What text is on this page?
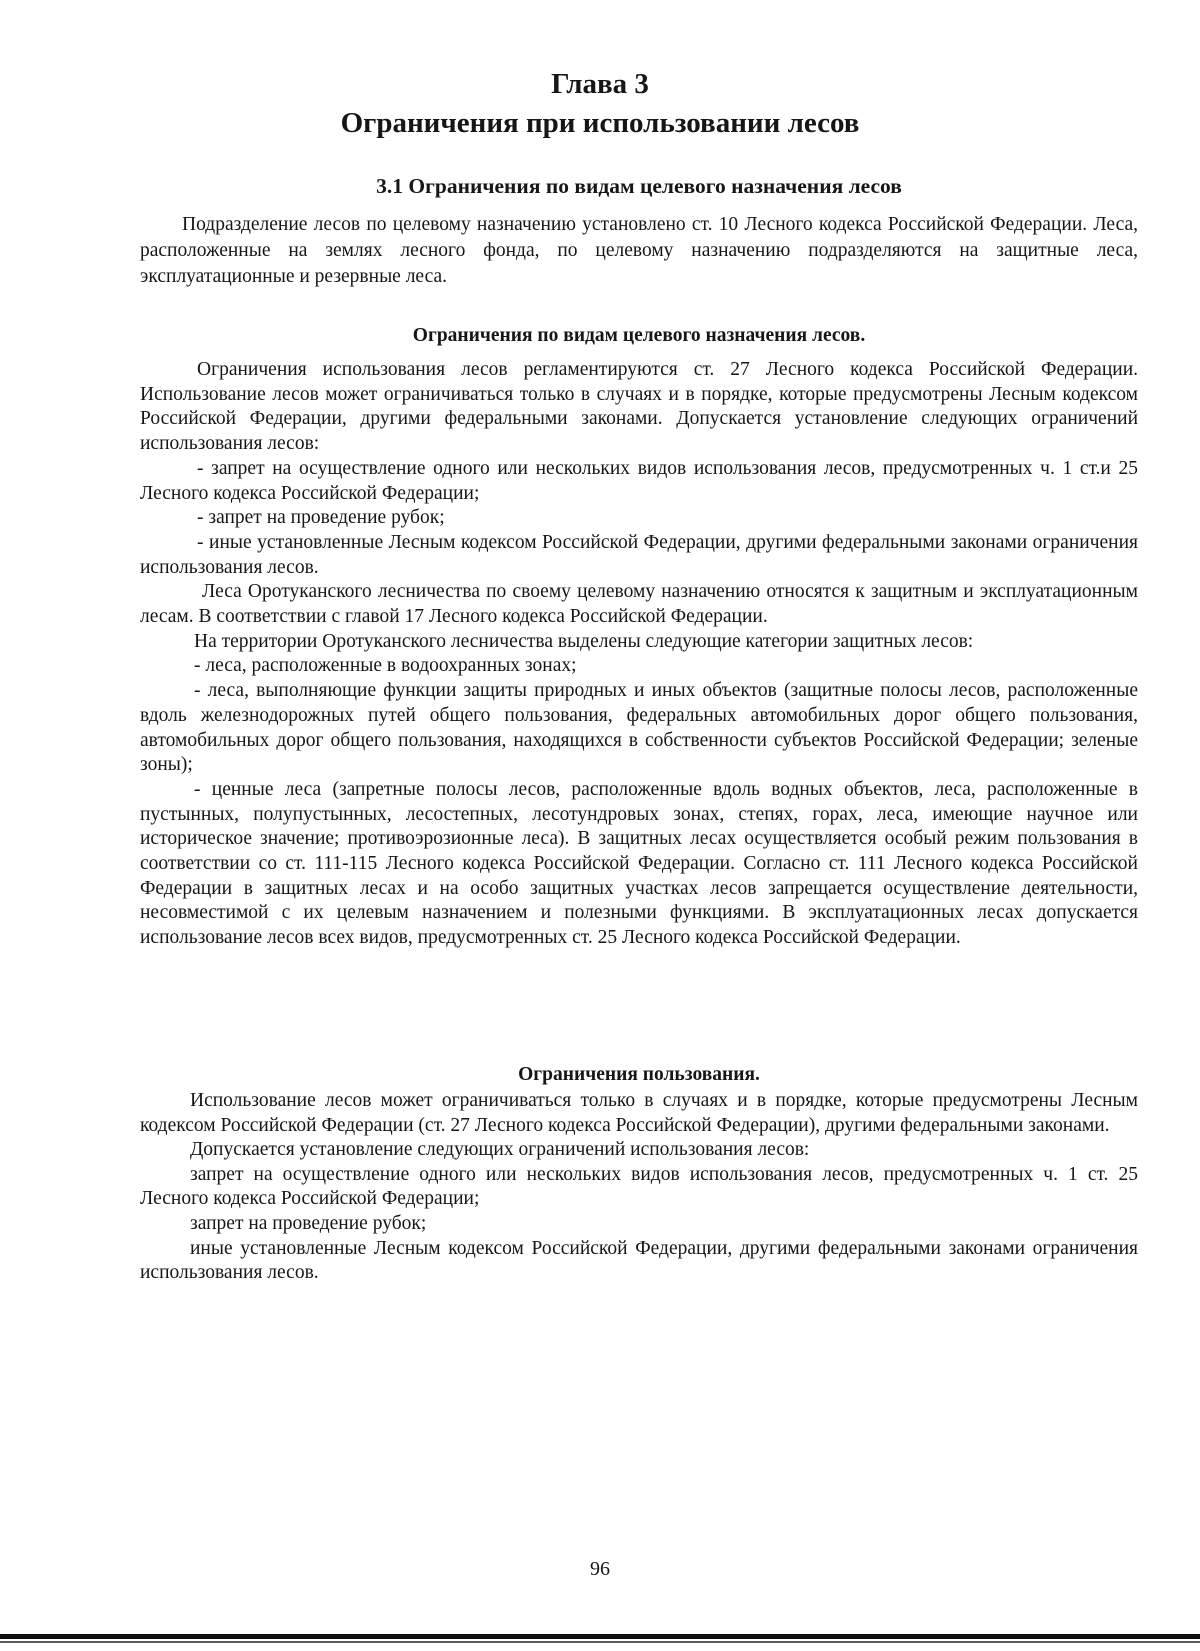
Глава 3
Ограничения при использовании лесов
3.1 Ограничения по видам целевого назначения лесов

Подразделение лесов по целевому назначению установлено ст. 10 Лесного кодекса Российской Федерации. Леса, расположенные на землях лесного фонда, по целевому назначению подразделяются на защитные леса, эксплуатационные и резервные леса.

Ограничения по видам целевого назначения лесов.

Ограничения использования лесов регламентируются ст. 27 Лесного кодекса Российской Федерации. Использование лесов может ограничиваться только в случаях и в порядке, которые предусмотрены Лесным кодексом Российской Федерации, другими федеральными законами. Допускается установление следующих ограничений использования лесов:

- запрет на осуществление одного или нескольких видов использования лесов, предусмотренных ч. 1 ст.и 25 Лесного кодекса Российской Федерации;

- запрет на проведение рубок;

- иные установленные Лесным кодексом Российской Федерации, другими федеральными законами ограничения использования лесов.

Леса Оротуканского лесничества по своему целевому назначению относятся к защитным и эксплуатационным лесам. В соответствии с главой 17 Лесного кодекса Российской Федерации.

На территории Оротуканского лесничества выделены следующие категории защитных лесов:

- леса, расположенные в водоохранных зонах;

- леса, выполняющие функции защиты природных и иных объектов (защитные полосы лесов, расположенные вдоль железнодорожных путей общего пользования, федеральных автомобильных дорог общего пользования, автомобильных дорог общего пользования, находящихся в собственности субъектов Российской Федерации; зеленые зоны);

- ценные леса (запретные полосы лесов, расположенные вдоль водных объектов, леса, расположенные в пустынных, полупустынных, лесостепных, лесотундровых зонах, степях, горах, леса, имеющие научное или историческое значение; противоэрозионные леса). В защитных лесах осуществляется особый режим пользования в соответствии со ст. 111-115 Лесного кодекса Российской Федерации. Согласно ст. 111 Лесного кодекса Российской Федерации в защитных лесах и на особо защитных участках лесов запрещается осуществление деятельности, несовместимой с их целевым назначением и полезными функциями. В эксплуатационных лесах допускается использование лесов всех видов, предусмотренных ст. 25 Лесного кодекса Российской Федерации.

Ограничения пользования.

Использование лесов может ограничиваться только в случаях и в порядке, которые предусмотрены Лесным кодексом Российской Федерации (ст. 27 Лесного кодекса Российской Федерации), другими федеральными законами.

Допускается установление следующих ограничений использования лесов:

запрет на осуществление одного или нескольких видов использования лесов, предусмотренных ч. 1 ст. 25 Лесного кодекса Российской Федерации;

запрет на проведение рубок;

иные установленные Лесным кодексом Российской Федерации, другими федеральными законами ограничения использования лесов.

96
